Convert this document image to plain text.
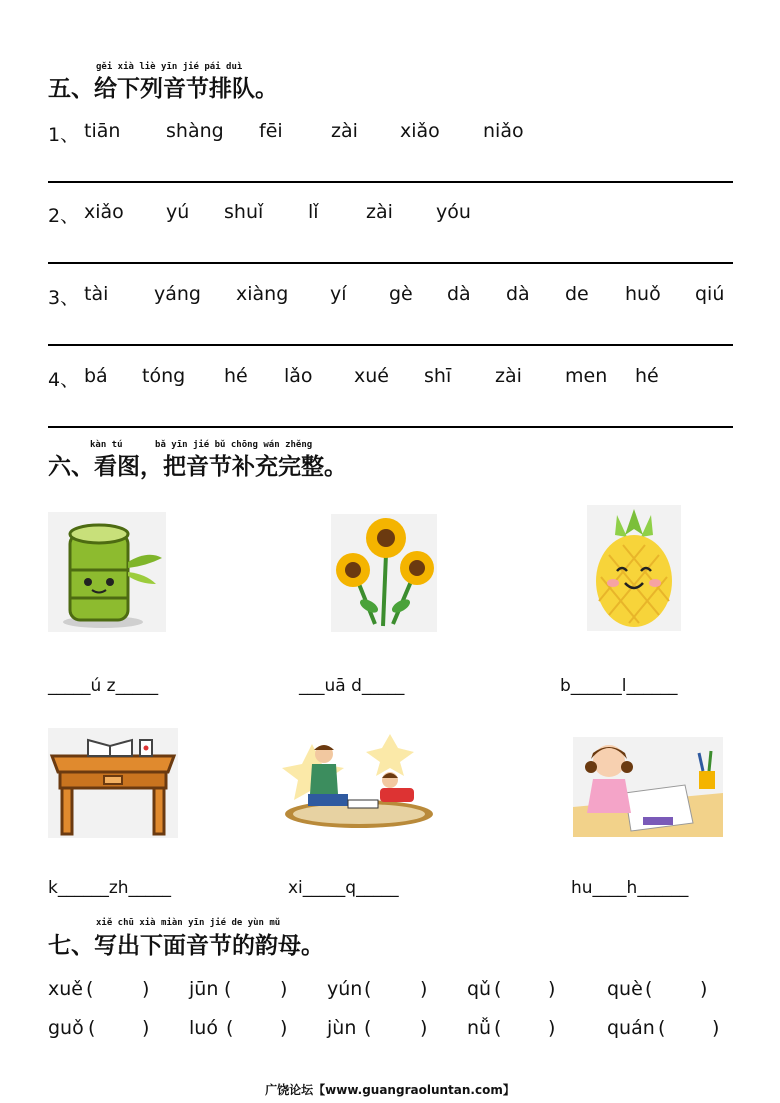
gěi xià liè yīn jié pái duì
五、给下列音节排队。
1、 tiān shàng fēi	zài xiǎo niǎo
2、 xiǎo yú shuǐ lǐ zài yóu
3、 tài yáng xiàng yí gè dà dà de huǒ qiú
4、 bá tóng hé lǎo xué shī zài men hé
kàn tú      bǎ yīn jié bǔ chōng wán zhěng
六、看图，把音节补充完整。
_____ú z_____	___uā d_____	b______l______
k______zh_____	xi_____q_____	hu____h______
xiě chū xià miàn yīn jié de yùn mǔ
七、写出下面音节的韵母。
xuě (	) jūn (	) yún (	) qǔ ( )	què (	)
guǒ ( ) luó ( ) jùn (	) nǚ ( )	quán ( )
广饶论坛【www.guangraoluntan.com】
